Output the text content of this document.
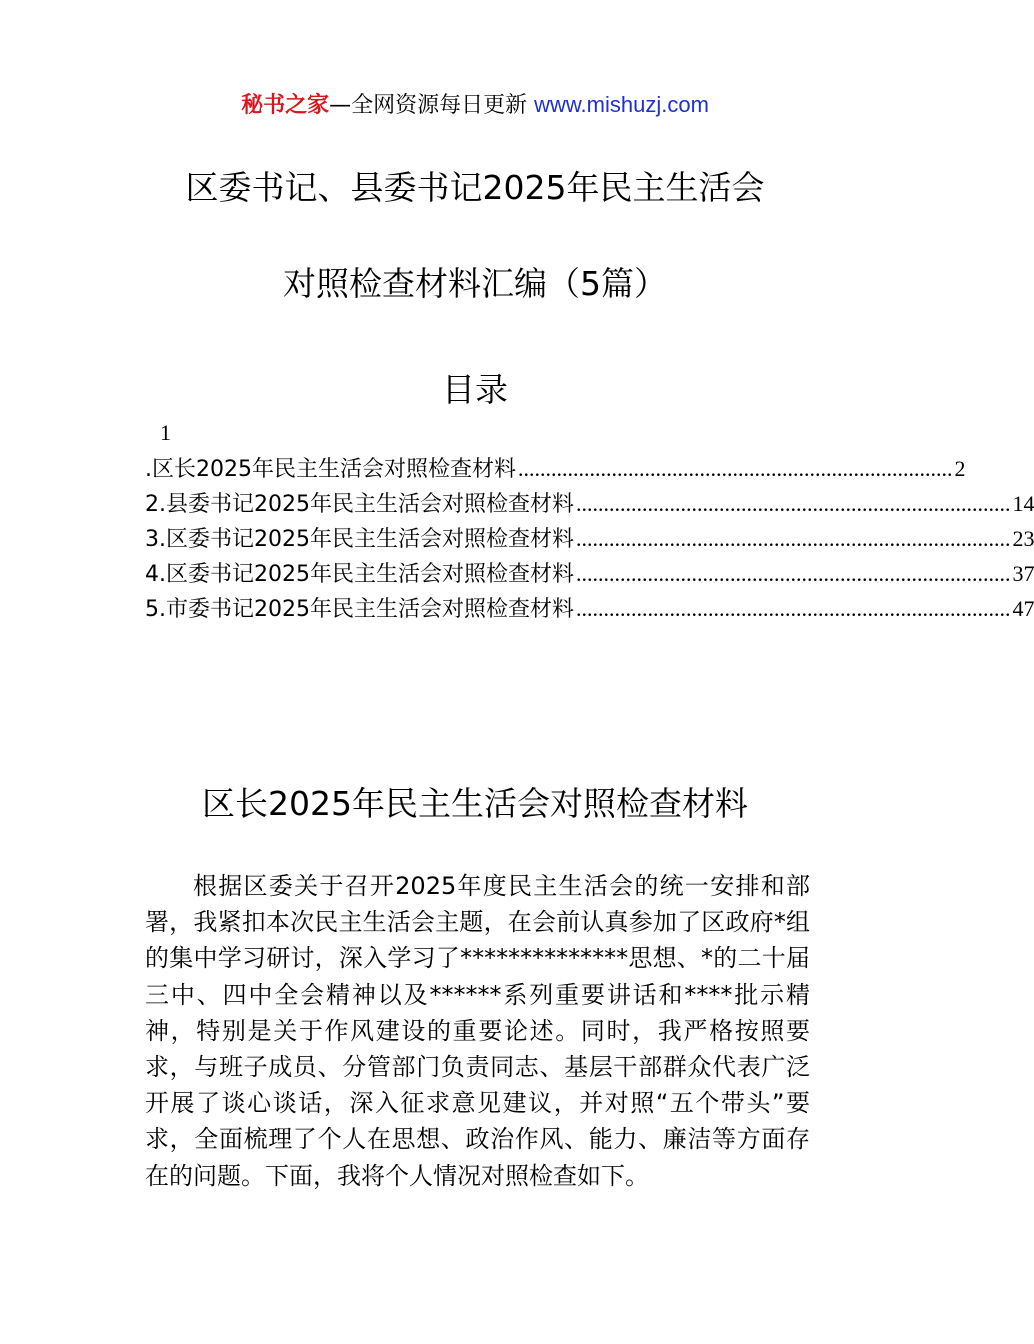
秘书之家—全网资源每日更新 www.mishuzj.com
区委书记、县委书记2025年民主生活会
对照检查材料汇编（5篇）
目录
1
.区长2025年民主生活会对照检查材料 ............................................................................... 2
2.县委书记2025年民主生活会对照检查材料 ............................................................................... 14
3.区委书记2025年民主生活会对照检查材料 ............................................................................... 23
4.区委书记2025年民主生活会对照检查材料 ............................................................................... 37
5.市委书记2025年民主生活会对照检查材料 ............................................................................... 47
区长2025年民主生活会对照检查材料
根据区委关于召开2025年度民主生活会的统一安排和部署，我紧扣本次民主生活会主题，在会前认真参加了区政府*组的集中学习研讨，深入学习了**************思想、*的二十届三中、四中全会精神以及******系列重要讲话和****批示精神，特别是关于作风建设的重要论述。同时，我严格按照要求，与班子成员、分管部门负责同志、基层干部群众代表广泛开展了谈心谈话，深入征求意见建议，并对照“五个带头”要求，全面梳理了个人在思想、政治作风、能力、廉洁等方面存在的问题。下面，我将个人情况对照检查如下。
